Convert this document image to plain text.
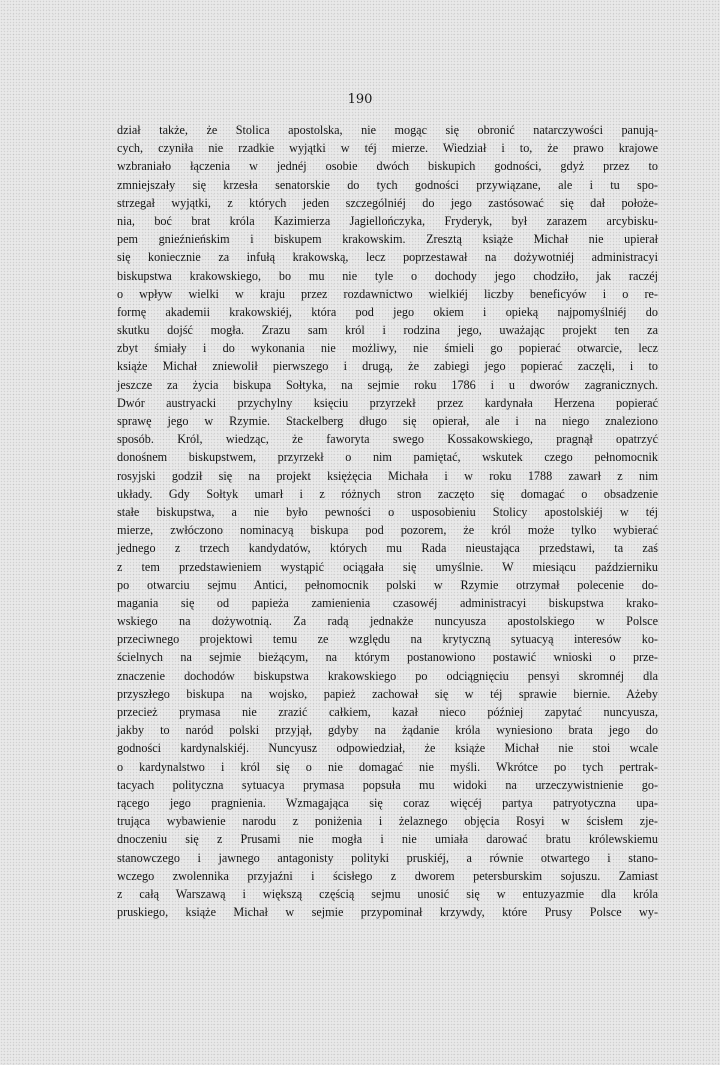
190
dział także, że Stolica apostolska, nie mogąc się obronić natarczywości panują-
cych, czyniła nie rzadkie wyjątki w téj mierze. Wiedział i to, że prawo krajowe
wzbraniało łączenia w jednéj osobie dwóch biskupich godności, gdyż przez to
zmniejszały się krzesła senatorskie do tych godności przywiązane, ale i tu spo-
strzegał wyjątki, z których jeden szczególniéj do jego zastósować się dał położe-
nia, boć brat króla Kazimierza Jagiellończyka, Fryderyk, był zarazem arcybisku-
pem gnieźnieńskim i biskupem krakowskim. Zresztą książe Michał nie upierał
się koniecznie za infułą krakowską, lecz poprzestawał na dożywotniéj administracyi
biskupstwa krakowskiego, bo mu nie tyle o dochody jego chodziło, jak raczéj
o wpływ wielki w kraju przez rozdawnictwo wielkiéj liczby beneficyów i o re-
formę akademii krakowskiéj, która pod jego okiem i opieką najpomyślniéj do
skutku dojść mogła. Zrazu sam król i rodzina jego, uważając projekt ten za
zbyt śmiały i do wykonania nie możliwy, nie śmieli go popierać otwarcie, lecz
książe Michał zniewolił pierwszego i drugą, że zabiegi jego popierać zaczęli, i to
jeszcze za życia biskupa Sołtyka, na sejmie roku 1786 i u dworów zagranicznych.
Dwór austryacki przychylny księciu przyrzekł przez kardynała Herzena popierać
sprawę jego w Rzymie. Stackelberg długo się opierał, ale i na niego znaleziono
sposób. Król, wiedząc, że faworyta swego Kossakowskiego, pragnął opatrzyć
donośnem biskupstwem, przyrzekł o nim pamiętać, wskutek czego pełnomocnik
rosyjski godził się na projekt księżęcia Michała i w roku 1788 zawarł z nim
układy. Gdy Sołtyk umarł i z różnych stron zaczęto się domagać o obsadzenie
stałe biskupstwa, a nie było pewności o usposobieniu Stolicy apostolskiéj w téj
mierze, zwłóczono nominacyą biskupa pod pozorem, że król może tylko wybierać
jednego z trzech kandydatów, których mu Rada nieustająca przedstawi, ta zaś
z tem przedstawieniem wystąpić ociągała się umyślnie. W miesiącu październiku
po otwarciu sejmu Antici, pełnomocnik polski w Rzymie otrzymał polecenie do-
magania się od papieża zamienienia czasowéj administracyi biskupstwa krako-
wskiego na dożywotnią. Za radą jednakże nuncyusza apostolskiego w Polsce
przeciwnego projektowi temu ze względu na krytyczną sytuacyą interesów ko-
ścielnych na sejmie bieżącym, na którym postanowiono postawić wnioski o prze-
znaczenie dochodów biskupstwa krakowskiego po odciągnięciu pensyi skromnéj dla
przyszłego biskupa na wojsko, papież zachował się w téj sprawie biernie. Ażeby
przecież prymasa nie zrazić całkiem, kazał nieco później zapytać nuncyusza,
jakby to naród polski przyjął, gdyby na żądanie króla wyniesiono brata jego do
godności kardynalskiéj. Nuncyusz odpowiedział, że książe Michał nie stoi wcale
o kardynalstwo i król się o nie domagać nie myśli. Wkrótce po tych pertrak-
tacyach polityczna sytuacya prymasa popsuła mu widoki na urzeczywistnienie go-
rącego jego pragnienia. Wzmagająca się coraz więcéj partya patryotyczna upa-
trująca wybawienie narodu z poniżenia i żelaznego objęcia Rosyi w ścisłem zje-
dnoczeniu się z Prusami nie mogła i nie umiała darować bratu królewskiemu
stanowczego i jawnego antagonisty polityki pruskiéj, a równie otwartego i stano-
wczego zwolennika przyjaźni i ścisłego z dworem petersburskim sojuszu. Zamiast
z całą Warszawą i większą częścią sejmu unosić się w entuzyazmie dla króla
pruskiego, książe Michał w sejmie przypominał krzywdy, które Prusy Polsce wy-
